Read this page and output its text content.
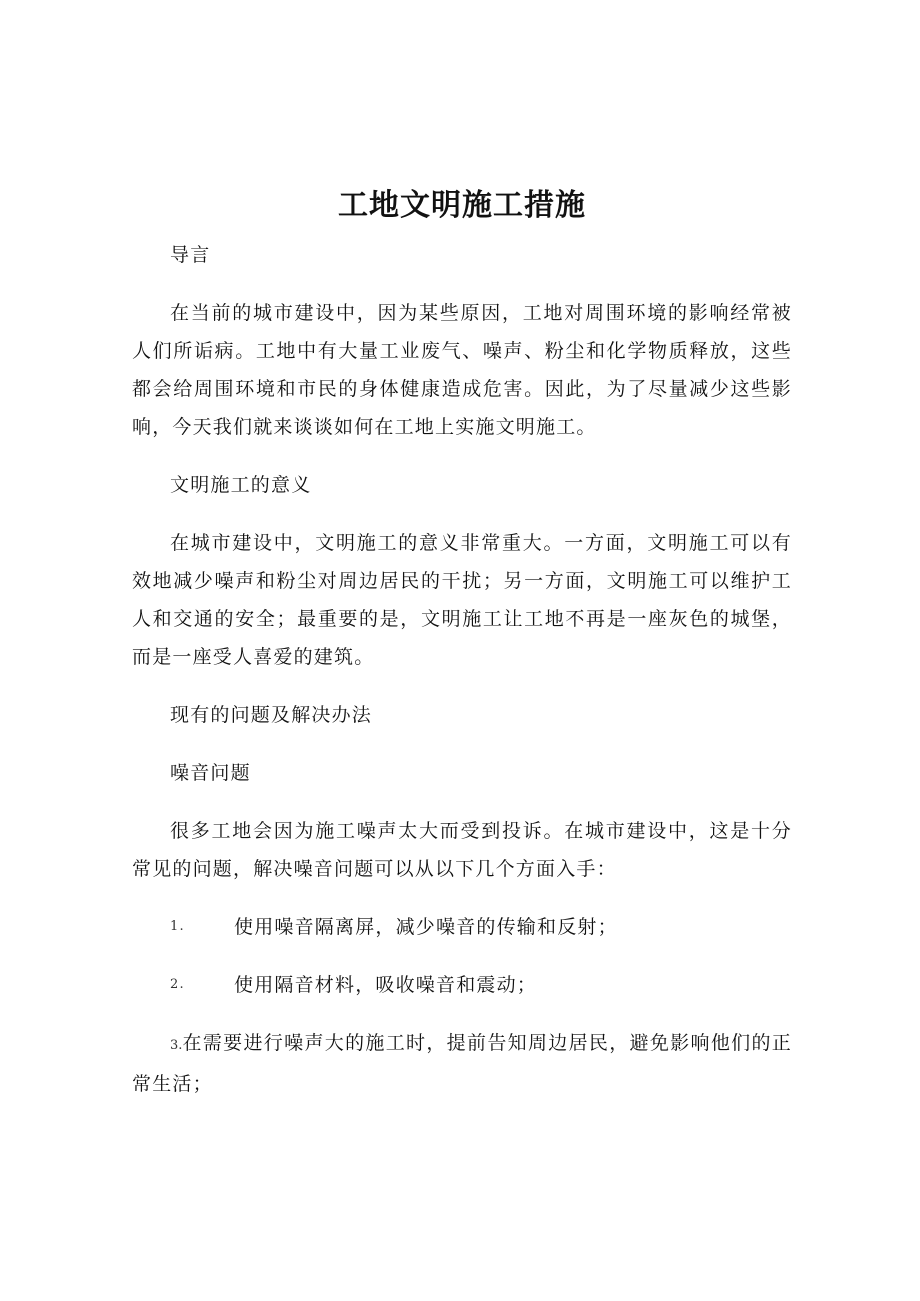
工地文明施工措施

导言

在当前的城市建设中，因为某些原因，工地对周围环境的影响经常被人们所诟病。工地中有大量工业废气、噪声、粉尘和化学物质释放，这些都会给周围环境和市民的身体健康造成危害。因此，为了尽量减少这些影响，今天我们就来谈谈如何在工地上实施文明施工。

文明施工的意义

在城市建设中，文明施工的意义非常重大。一方面，文明施工可以有效地减少噪声和粉尘对周边居民的干扰；另一方面，文明施工可以维护工人和交通的安全；最重要的是，文明施工让工地不再是一座灰色的城堡，而是一座受人喜爱的建筑。

现有的问题及解决办法

噪音问题

很多工地会因为施工噪声太大而受到投诉。在城市建设中，这是十分常见的问题，解决噪音问题可以从以下几个方面入手：

1.	使用噪音隔离屏，减少噪音的传输和反射；
2.	使用隔音材料，吸收噪音和震动；

3.在需要进行噪声大的施工时，提前告知周边居民，避免影响他们的正常生活；
